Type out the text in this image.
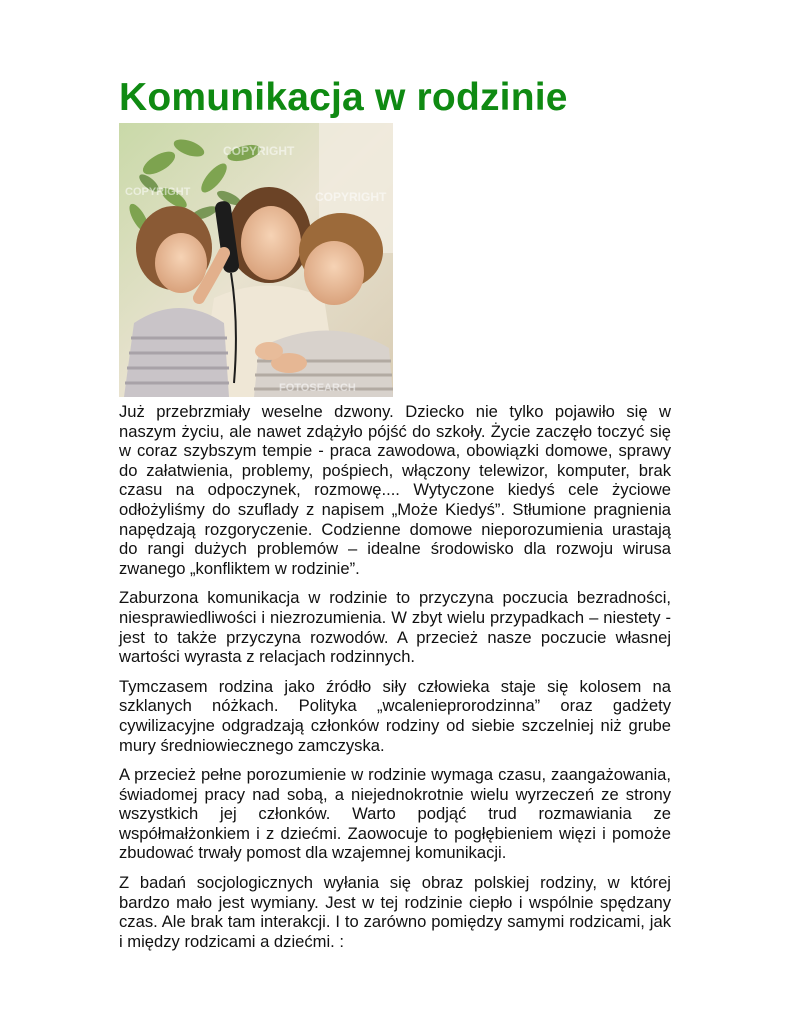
Komunikacja w rodzinie
COPYRIGHT
COPYRIGHT
COPYRIGHT
FOTOSEARCH

Już przebrzmiały weselne dzwony. Dziecko nie tylko pojawiło się w naszym życiu, ale nawet zdążyło pójść do szkoły. Życie zaczęło toczyć się w coraz szybszym tempie - praca zawodowa, obowiązki domowe, sprawy do załatwienia, problemy, pośpiech, włączony telewizor, komputer, brak czasu na odpoczynek, rozmowę.... Wytyczone kiedyś cele życiowe odłożyliśmy do szuflady z napisem „Może Kiedyś”. Stłumione pragnienia napędzają rozgoryczenie. Codzienne domowe nieporozumienia urastają do rangi dużych problemów – idealne środowisko dla rozwoju wirusa zwanego „konfliktem w rodzinie”.

Zaburzona komunikacja w rodzinie to przyczyna poczucia bezradności, niesprawiedliwości i niezrozumienia. W zbyt wielu przypadkach – niestety - jest to także przyczyna rozwodów. A przecież nasze poczucie własnej wartości wyrasta z relacjach rodzinnych.

Tymczasem rodzina jako źródło siły człowieka staje się kolosem na szklanych nóżkach. Polityka „wcalenieprorodzinna” oraz gadżety cywilizacyjne odgradzają członków rodziny od siebie szczelniej niż grube mury średniowiecznego zamczyska.

A przecież pełne porozumienie w rodzinie wymaga czasu, zaangażowania, świadomej pracy nad sobą, a niejednokrotnie wielu wyrzeczeń ze strony wszystkich jej członków. Warto podjąć trud rozmawiania ze współmałżonkiem i z dziećmi. Zaowocuje to pogłębieniem więzi i pomoże zbudować trwały pomost dla wzajemnej komunikacji.

Z badań socjologicznych wyłania się obraz polskiej rodziny, w której bardzo mało jest wymiany. Jest w tej rodzinie ciepło i wspólnie spędzany czas. Ale brak tam interakcji. I to zarówno pomiędzy samymi rodzicami, jak i między rodzicami a dziećmi. :
